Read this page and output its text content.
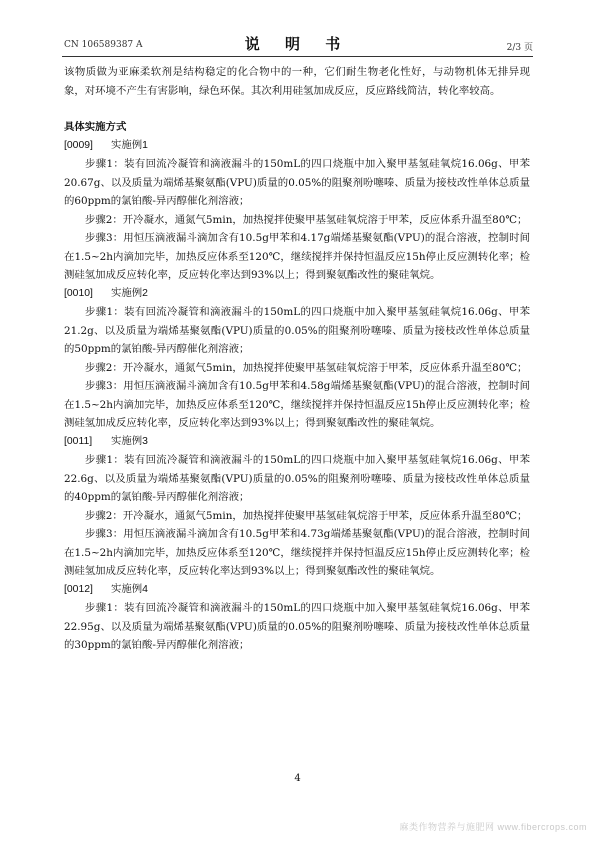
CN 106589387 A	说 明 书	2/3 页

该物质做为亚麻柔软剂是结构稳定的化合物中的一种，它们耐生物老化性好，与动物机体无排异现象，对环境不产生有害影响，绿色环保。其次利用硅氢加成反应，反应路线简洁，转化率较高。

具体实施方式

[0009] 实施例1

步骤1：装有回流冷凝管和滴液漏斗的150mL的四口烧瓶中加入聚甲基氢硅氧烷16.06g、甲苯20.67g、以及质量为端烯基聚氨酯(VPU)质量的0.05%的阻聚剂吩噻嗪、质量为接枝改性单体总质量的60ppm的氯铂酸-异丙醇催化剂溶液；

步骤2：开冷凝水，通氮气5min，加热搅拌使聚甲基氢硅氧烷溶于甲苯，反应体系升温至80℃；

步骤3：用恒压滴液漏斗滴加含有10.5g甲苯和4.17g端烯基聚氨酯(VPU)的混合溶液，控制时间在1.5~2h内滴加完毕，加热反应体系至120℃，继续搅拌并保持恒温反应15h停止反应测转化率；检测硅氢加成反应转化率，反应转化率达到93%以上；得到聚氨酯改性的聚硅氧烷。

[0010] 实施例2

步骤1：装有回流冷凝管和滴液漏斗的150mL的四口烧瓶中加入聚甲基氢硅氧烷16.06g、甲苯21.2g、以及质量为端烯基聚氨酯(VPU)质量的0.05%的阻聚剂吩噻嗪、质量为接枝改性单体总质量的50ppm的氯铂酸-异丙醇催化剂溶液；

步骤2：开冷凝水，通氮气5min，加热搅拌使聚甲基氢硅氧烷溶于甲苯，反应体系升温至80℃；

步骤3：用恒压滴液漏斗滴加含有10.5g甲苯和4.58g端烯基聚氨酯(VPU)的混合溶液，控制时间在1.5~2h内滴加完毕，加热反应体系至120℃，继续搅拌并保持恒温反应15h停止反应测转化率；检测硅氢加成反应转化率，反应转化率达到93%以上；得到聚氨酯改性的聚硅氧烷。

[0011] 实施例3

步骤1：装有回流冷凝管和滴液漏斗的150mL的四口烧瓶中加入聚甲基氢硅氧烷16.06g、甲苯22.6g、以及质量为端烯基聚氨酯(VPU)质量的0.05%的阻聚剂吩噻嗪、质量为接枝改性单体总质量的40ppm的氯铂酸-异丙醇催化剂溶液；

步骤2：开冷凝水，通氮气5min，加热搅拌使聚甲基氢硅氧烷溶于甲苯，反应体系升温至80℃；

步骤3：用恒压滴液漏斗滴加含有10.5g甲苯和4.73g端烯基聚氨酯(VPU)的混合溶液，控制时间在1.5~2h内滴加完毕，加热反应体系至120℃，继续搅拌并保持恒温反应15h停止反应测转化率；检测硅氢加成反应转化率，反应转化率达到93%以上；得到聚氨酯改性的聚硅氧烷。

[0012] 实施例4

步骤1：装有回流冷凝管和滴液漏斗的150mL的四口烧瓶中加入聚甲基氢硅氧烷16.06g、甲苯22.95g、以及质量为端烯基聚氨酯(VPU)质量的0.05%的阻聚剂吩噻嗪、质量为接枝改性单体总质量的30ppm的氯铂酸-异丙醇催化剂溶液；

4
麻类作物营养与施肥网 www.fibercrops.com
